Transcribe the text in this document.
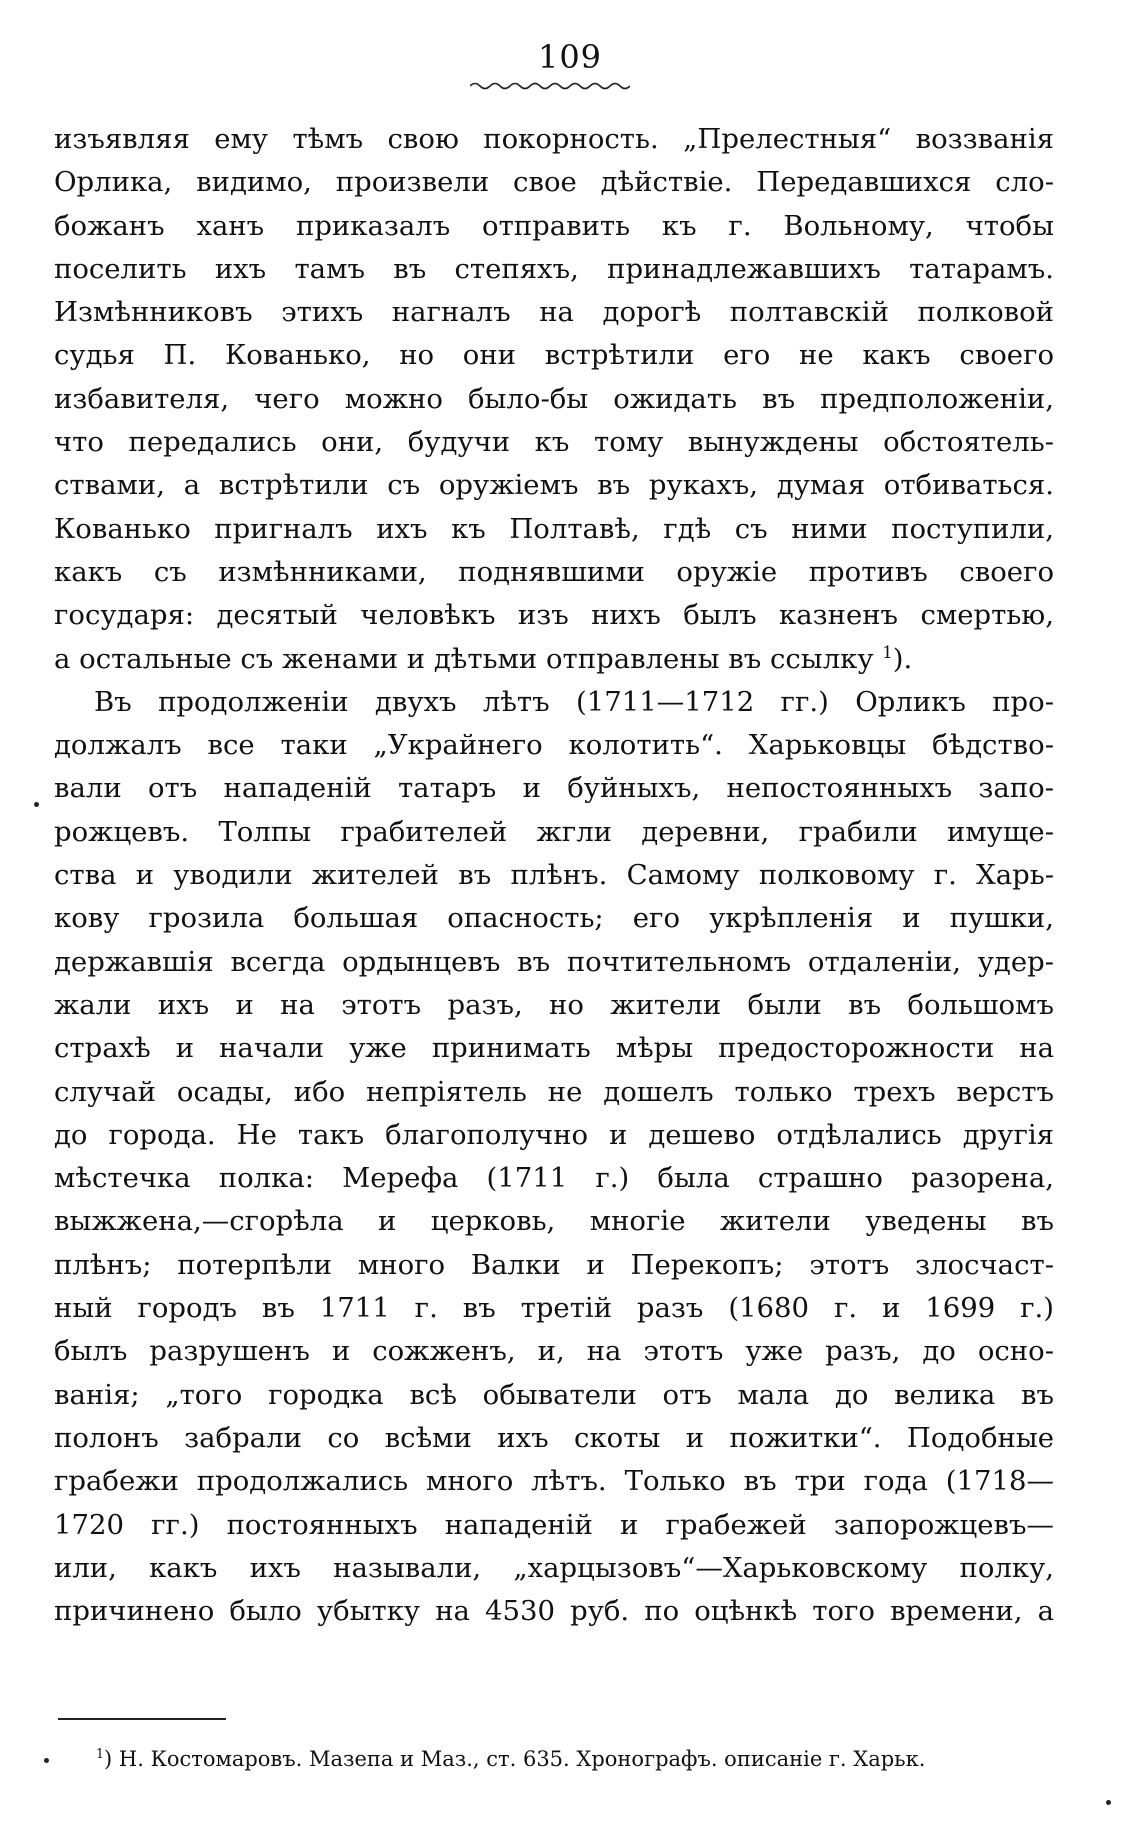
109
изъявляя ему тѣмъ свою покорность. „Прелестныя“ воззванія
Орлика, видимо, произвели свое дѣйствіе. Передавшихся сло-
божанъ ханъ приказалъ отправить къ г. Вольному, чтобы
поселить ихъ тамъ въ степяхъ, принадлежавшихъ татарамъ.
Измѣнниковъ этихъ нагналъ на дорогѣ полтавскій полковой
судья П. Кованько, но они встрѣтили его не какъ своего
избавителя, чего можно было-бы ожидать въ предположеніи,
что передались они, будучи къ тому вынуждены обстоятель-
ствами, а встрѣтили съ оружіемъ въ рукахъ, думая отбиваться.
Кованько пригналъ ихъ къ Полтавѣ, гдѣ съ ними поступили,
какъ съ измѣнниками, поднявшими оружіе противъ своего
государя: десятый человѣкъ изъ нихъ былъ казненъ смертью,
а остальные съ женами и дѣтьми отправлены въ ссылку $^1$).
Въ продолженіи двухъ лѣтъ (1711—1712 гг.) Орликъ про-
должалъ все таки „Украйнего колотить“. Харьковцы бѣдство-
вали отъ нападеній татаръ и буйныхъ, непостоянныхъ запо-
рожцевъ. Толпы грабителей жгли деревни, грабили имуще-
ства и уводили жителей въ плѣнъ. Самому полковому г. Харь-
кову грозила большая опасность; его укрѣпленія и пушки,
державшія всегда ордынцевъ въ почтительномъ отдаленіи, удер-
жали ихъ и на этотъ разъ, но жители были въ большомъ
страхѣ и начали уже принимать мѣры предосторожности на
случай осады, ибо непріятель не дошелъ только трехъ верстъ
до города. Не такъ благополучно и дешево отдѣлались другія
мѣстечка полка: Мерефа (1711 г.) была страшно разорена,
выжжена,—сгорѣла и церковь, многіе жители уведены въ
плѣнъ; потерпѣли много Валки и Перекопъ; этотъ злосчаст-
ный городъ въ 1711 г. въ третій разъ (1680 г. и 1699 г.)
былъ разрушенъ и сожженъ, и, на этотъ уже разъ, до осно-
ванія; „того городка всѣ обыватели отъ мала до велика въ
полонъ забрали со всѣми ихъ скоты и пожитки“. Подобные
грабежи продолжались много лѣтъ. Только въ три года (1718—
1720 гг.) постоянныхъ нападеній и грабежей запорожцевъ—
или, какъ ихъ называли, „харцызовъ“—Харьковскому полку,
причинено было убытку на 4530 руб. по оцѣнкѣ того времени, а
$^1$) Н. Костомаровъ. Мазепа и Маз., ст. 635. Хронографъ. описаніе г. Харьк.
